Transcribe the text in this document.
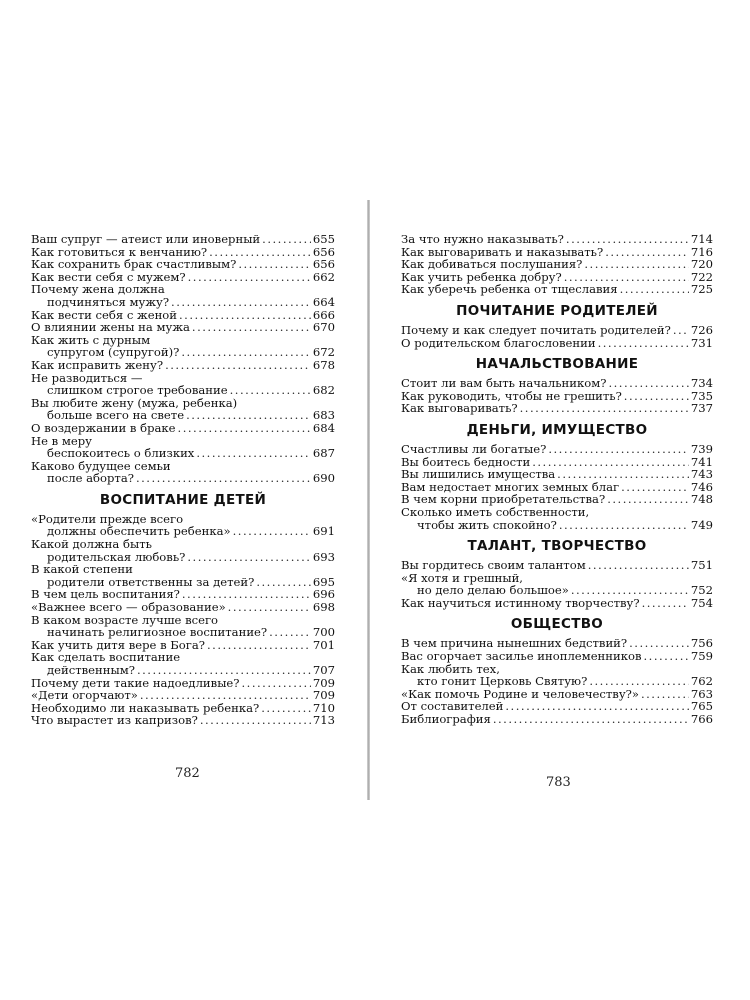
Ваш супруг — атеист или иноверный . . .	655
Как готовиться к венчанию? . . .	656
Как сохранить брак счастливым? . . .	656
Как вести себя с мужем? . . .	662
Почему жена должна
подчиняться мужу? . . .	664
Как вести себя с женой . . .	666
О влиянии жены на мужа . . .	670
Как жить с дурным
супругом (супругой)? . . .	672
Как исправить жену? . . .	678
Не разводиться —
слишком строгое требование . . .	682
Вы любите жену (мужа, ребенка)
больше всего на свете . . .	683
О воздержании в браке . . .	684
Не в меру
беспокоитесь о близких . . .	687
Каково будущее семьи
после аборта? . . .	690
ВОСПИТАНИЕ ДЕТЕЙ
«Родители прежде всего
должны обеспечить ребенка» . . .	691
Какой должна быть
родительская любовь? . . .	693
В какой степени
родители ответственны за детей? . . .	695
В чем цель воспитания? . . .	696
«Важнее всего — образование» . . .	698
В каком возрасте лучше всего
начинать религиозное воспитание? . . .	700
Как учить дитя вере в Бога? . . .	701
Как сделать воспитание
действенным? . . .	707
Почему дети такие надоедливые? . . .	709
«Дети огорчают» . . .	709
Необходимо ли наказывать ребенка? . . .	710
Что вырастет из капризов? . . .	713
За что нужно наказывать? . . .	714
Как выговаривать и наказывать? . . .	716
Как добиваться послушания? . . .	720
Как учить ребенка добру? . . .	722
Как уберечь ребенка от тщеславия . . .	725
ПОЧИТАНИЕ РОДИТЕЛЕЙ
Почему и как следует почитать родителей? . . . 726
О родительском благословении . . .	731
НАЧАЛЬСТВОВАНИЕ
Стоит ли вам быть начальником? . . .	734
Как руководить, чтобы не грешить? . . .	735
Как выговаривать? . . .	737
ДЕНЬГИ, ИМУЩЕСТВО
Счастливы ли богатые? . . .	739
Вы боитесь бедности . . .	741
Вы лишились имущества . . .	743
Вам недостает многих земных благ . . .	746
В чем корни приобретательства? . . .	748
Сколько иметь собственности,
чтобы жить спокойно? . . .	749
ТАЛАНТ, ТВОРЧЕСТВО
Вы гордитесь своим талантом . . .	751
«Я хотя и грешный,
но дело делаю большое» . . .	752
Как научиться истинному творчеству? . . .	754
ОБЩЕСТВО
В чем причина нынешних бедствий? . . .	756
Вас огорчает засилье иноплеменников . . .	759
Как любить тех,
кто гонит Церковь Святую? . . .	762
«Как помочь Родине и человечеству?» . . .	763
От составителей . . .	765
Библиография . . .	766
782
783
